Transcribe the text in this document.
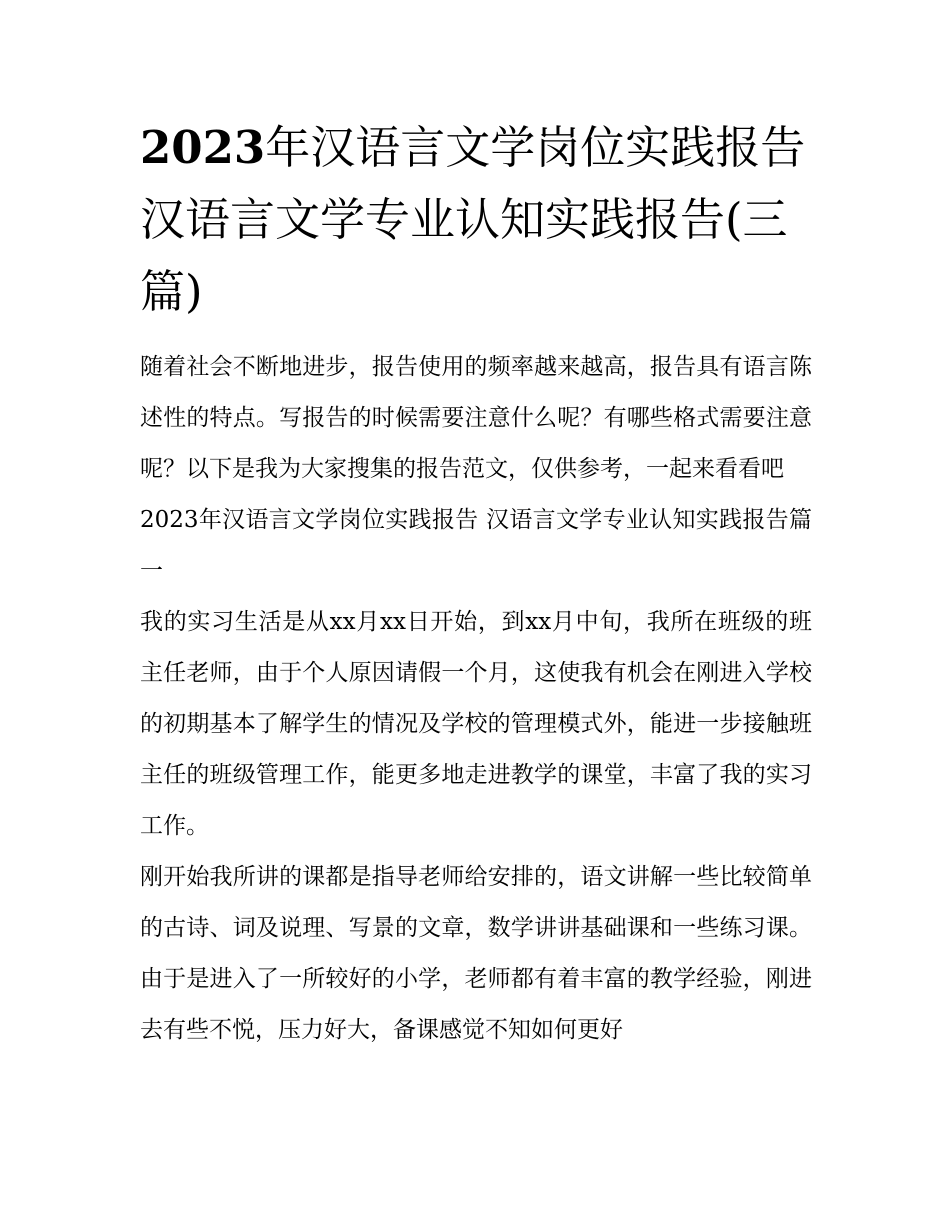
2023年汉语言文学岗位实践报告 汉语言文学专业认知实践报告(三篇)

随着社会不断地进步，报告使用的频率越来越高，报告具有语言陈述性的特点。写报告的时候需要注意什么呢？有哪些格式需要注意呢？以下是我为大家搜集的报告范文，仅供参考，一起来看看吧

2023年汉语言文学岗位实践报告 汉语言文学专业认知实践报告篇一

我的实习生活是从xx月xx日开始，到xx月中旬，我所在班级的班主任老师，由于个人原因请假一个月，这使我有机会在刚进入学校的初期基本了解学生的情况及学校的管理模式外，能进一步接触班主任的班级管理工作，能更多地走进教学的课堂，丰富了我的实习工作。

刚开始我所讲的课都是指导老师给安排的，语文讲解一些比较简单的古诗、词及说理、写景的文章，数学讲讲基础课和一些练习课。由于是进入了一所较好的小学，老师都有着丰富的教学经验，刚进去有些不悦，压力好大，备课感觉不知如何更好
